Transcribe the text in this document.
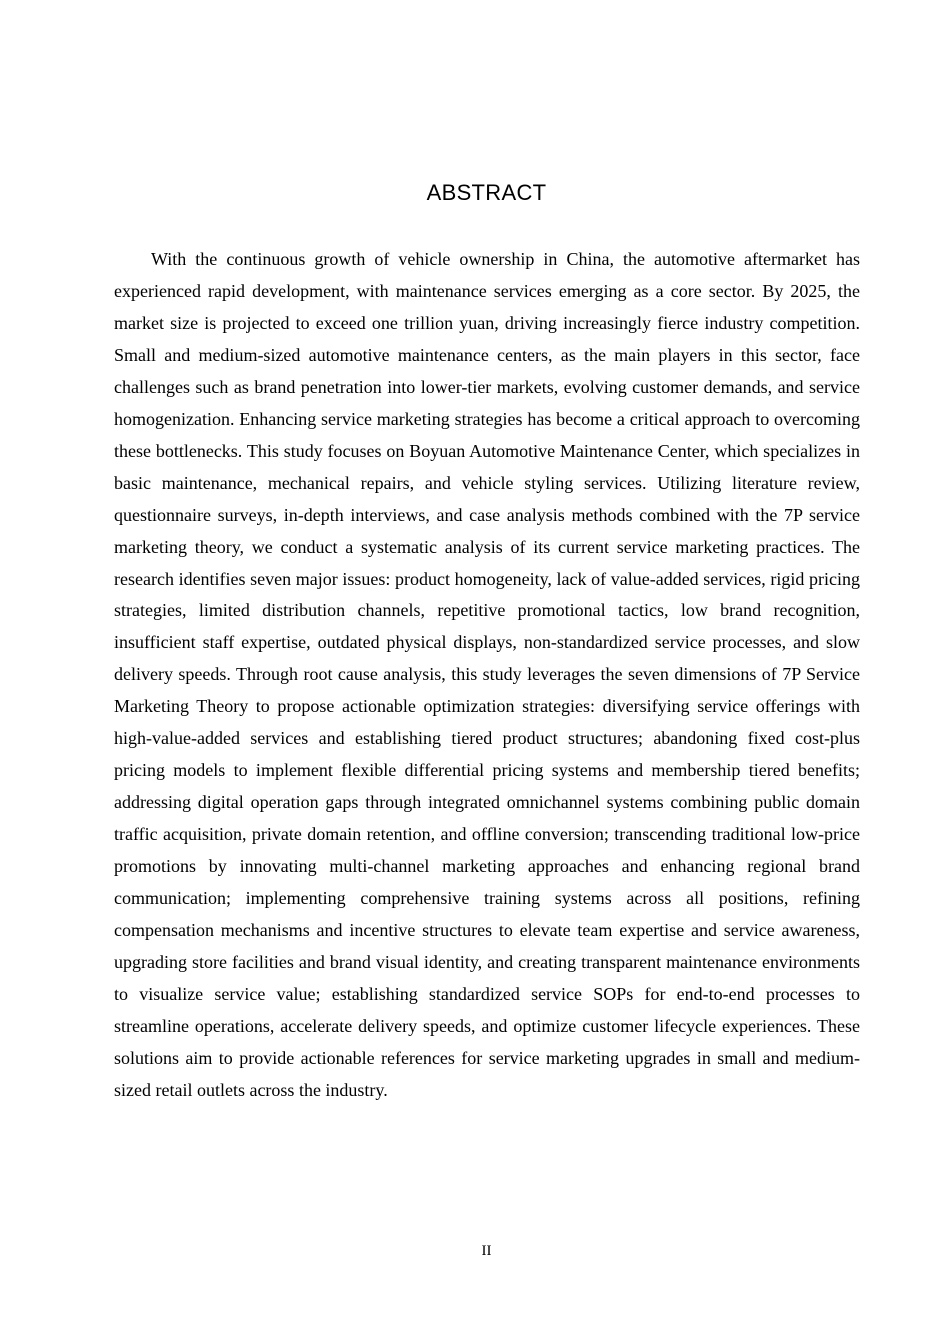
ABSTRACT

With the continuous growth of vehicle ownership in China, the automotive aftermarket has experienced rapid development, with maintenance services emerging as a core sector. By 2025, the market size is projected to exceed one trillion yuan, driving increasingly fierce industry competition. Small and medium-sized automotive maintenance centers, as the main players in this sector, face challenges such as brand penetration into lower-tier markets, evolving customer demands, and service homogenization. Enhancing service marketing strategies has become a critical approach to overcoming these bottlenecks. This study focuses on Boyuan Automotive Maintenance Center, which specializes in basic maintenance, mechanical repairs, and vehicle styling services. Utilizing literature review, questionnaire surveys, in-depth interviews, and case analysis methods combined with the 7P service marketing theory, we conduct a systematic analysis of its current service marketing practices. The research identifies seven major issues: product homogeneity, lack of value-added services, rigid pricing strategies, limited distribution channels, repetitive promotional tactics, low brand recognition, insufficient staff expertise, outdated physical displays, non-standardized service processes, and slow delivery speeds. Through root cause analysis, this study leverages the seven dimensions of 7P Service Marketing Theory to propose actionable optimization strategies: diversifying service offerings with high-value-added services and establishing tiered product structures; abandoning fixed cost-plus pricing models to implement flexible differential pricing systems and membership tiered benefits; addressing digital operation gaps through integrated omnichannel systems combining public domain traffic acquisition, private domain retention, and offline conversion; transcending traditional low-price promotions by innovating multi-channel marketing approaches and enhancing regional brand communication; implementing comprehensive training systems across all positions, refining compensation mechanisms and incentive structures to elevate team expertise and service awareness, upgrading store facilities and brand visual identity, and creating transparent maintenance environments to visualize service value; establishing standardized service SOPs for end-to-end processes to streamline operations, accelerate delivery speeds, and optimize customer lifecycle experiences. These solutions aim to provide actionable references for service marketing upgrades in small and medium-sized retail outlets across the industry.

II
